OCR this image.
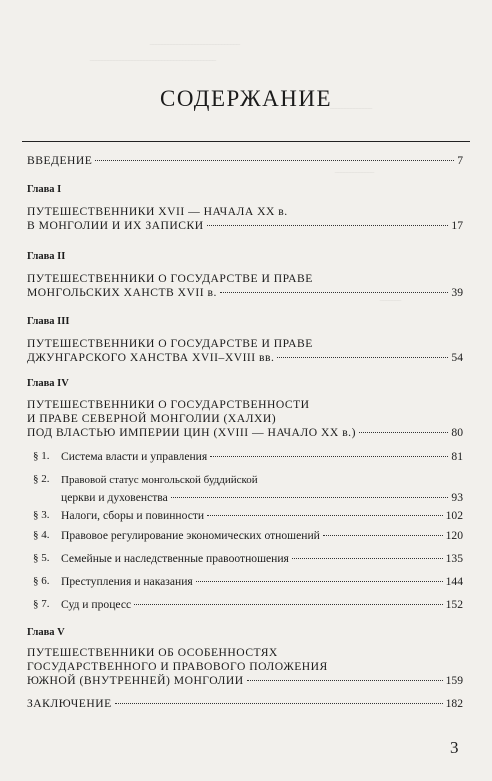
‾‾‾‾‾‾‾‾‾‾‾‾‾‾‾‾‾‾‾‾‾‾‾‾‾‾‾‾‾‾
‾‾‾‾‾‾‾‾‾‾‾‾‾‾‾‾‾‾‾‾‾‾‾‾‾‾‾‾‾‾‾‾‾‾‾‾‾‾‾‾‾‾
‾‾‾‾‾‾‾‾‾‾‾‾‾‾
‾‾‾‾‾‾‾‾‾‾‾‾‾
‾‾‾‾‾‾‾
СОДЕРЖАНИЕ
ВВЕДЕНИЕ	7
Глава I
ПУТЕШЕСТВЕННИКИ XVII — НАЧАЛА XX в.
В МОНГОЛИИ И ИХ ЗАПИСКИ	17
Глава II
ПУТЕШЕСТВЕННИКИ О ГОСУДАРСТВЕ И ПРАВЕ
МОНГОЛЬСКИХ ХАНСТВ XVII в.	39
Глава III
ПУТЕШЕСТВЕННИКИ О ГОСУДАРСТВЕ И ПРАВЕ
ДЖУНГАРСКОГО ХАНСТВА XVII–XVIII вв.	54
Глава IV
ПУТЕШЕСТВЕННИКИ О ГОСУДАРСТВЕННОСТИ
И ПРАВЕ СЕВЕРНОЙ МОНГОЛИИ (ХАЛХИ)
ПОД ВЛАСТЬЮ ИМПЕРИИ ЦИН (XVIII — НАЧАЛО XX в.)	80
§ 1. Система власти и управления	81
§ 2. Правовой статус монгольской буддийской
церкви и духовенства	93
§ 3. Налоги, сборы и повинности	102
§ 4. Правовое регулирование экономических отношений	120
§ 5. Семейные и наследственные правоотношения	135
§ 6. Преступления и наказания	144
§ 7. Суд и процесс	152
Глава V
ПУТЕШЕСТВЕННИКИ ОБ ОСОБЕННОСТЯХ
ГОСУДАРСТВЕННОГО И ПРАВОВОГО ПОЛОЖЕНИЯ
ЮЖНОЙ (ВНУТРЕННЕЙ) МОНГОЛИИ	159
ЗАКЛЮЧЕНИЕ	182
3
